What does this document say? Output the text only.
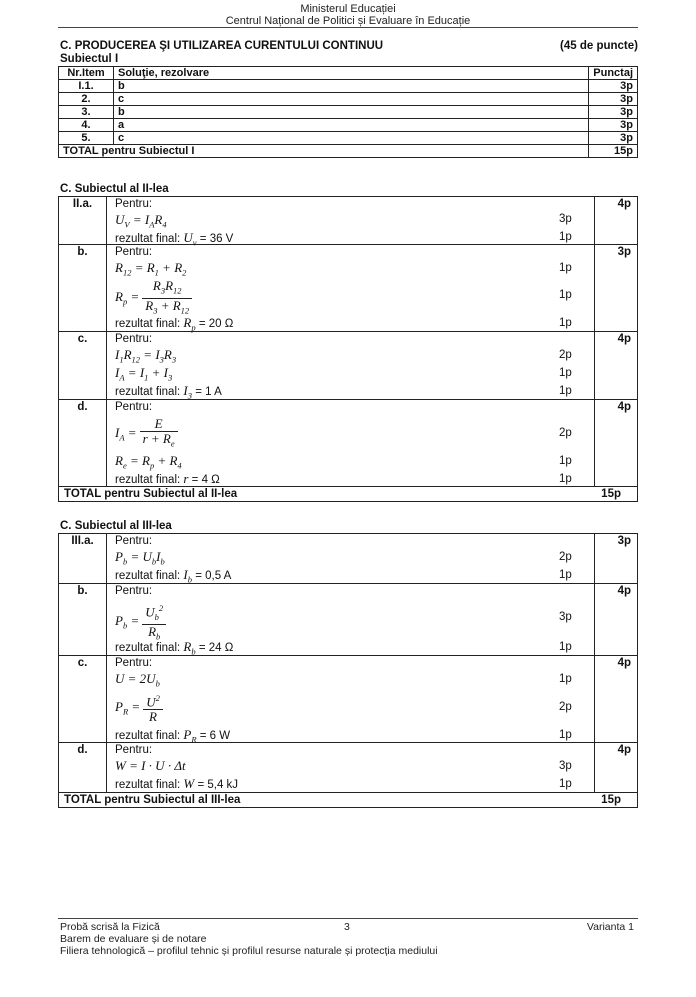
Ministerul Educației
Centrul Național de Politici și Evaluare în Educație
C. PRODUCEREA ŞI UTILIZAREA CURENTULUI CONTINUU	(45 de puncte)
Subiectul I
Nr.Item	Soluţie, rezolvare	Punctaj
I.1.	b	3p
2.	c	3p
3.	b	3p
4.	a	3p
5.	c	3p
TOTAL pentru Subiectul I		15p
C. Subiectul al II-lea
II.a.	4p
Pentru:
$U_V = I_AR_4$	3p
rezultat final: $U_v = 36$ V	1p
b.	3p
Pentru:
$R_{12} = R_1 + R_2$	1p
$R_p = \frac{R_3R_{12}}{R_3 + R_{12}}$	1p
rezultat final: $R_p = 20$ Ω	1p
c.	4p
Pentru:
$I_1R_{12} = I_3R_3$	2p
$I_A = I_1 + I_3$	1p
rezultat final: $I_3 = 1$ A	1p
d.	4p
Pentru:
$I_A = \frac{E}{r + R_e}$	2p
$R_e = R_p + R_4$	1p
rezultat final: r = 4 Ω	1p
TOTAL pentru Subiectul al II-lea	15p
C. Subiectul al III-lea
III.a.	3p
Pentru:
$P_b = U_bI_b$	2p
rezultat final: $I_b = 0,5$ A	1p
b.	4p
Pentru:
$P_b = \frac{U_b^2}{R_b}$	3p
rezultat final: $R_b = 24$ Ω	1p
c.	4p
Pentru:
$U = 2U_b$	1p
$P_R = \frac{U^2}{R}$	2p
rezultat final: $P_R = 6$ W	1p
d.	4p
Pentru:
W = I · U · Δt	3p
rezultat final: W = 5,4 kJ	1p
TOTAL pentru Subiectul al III-lea	15p
Probă scrisă la Fizică	3	Varianta 1
Barem de evaluare și de notare
Filiera tehnologică – profilul tehnic și profilul resurse naturale și protecția mediului
